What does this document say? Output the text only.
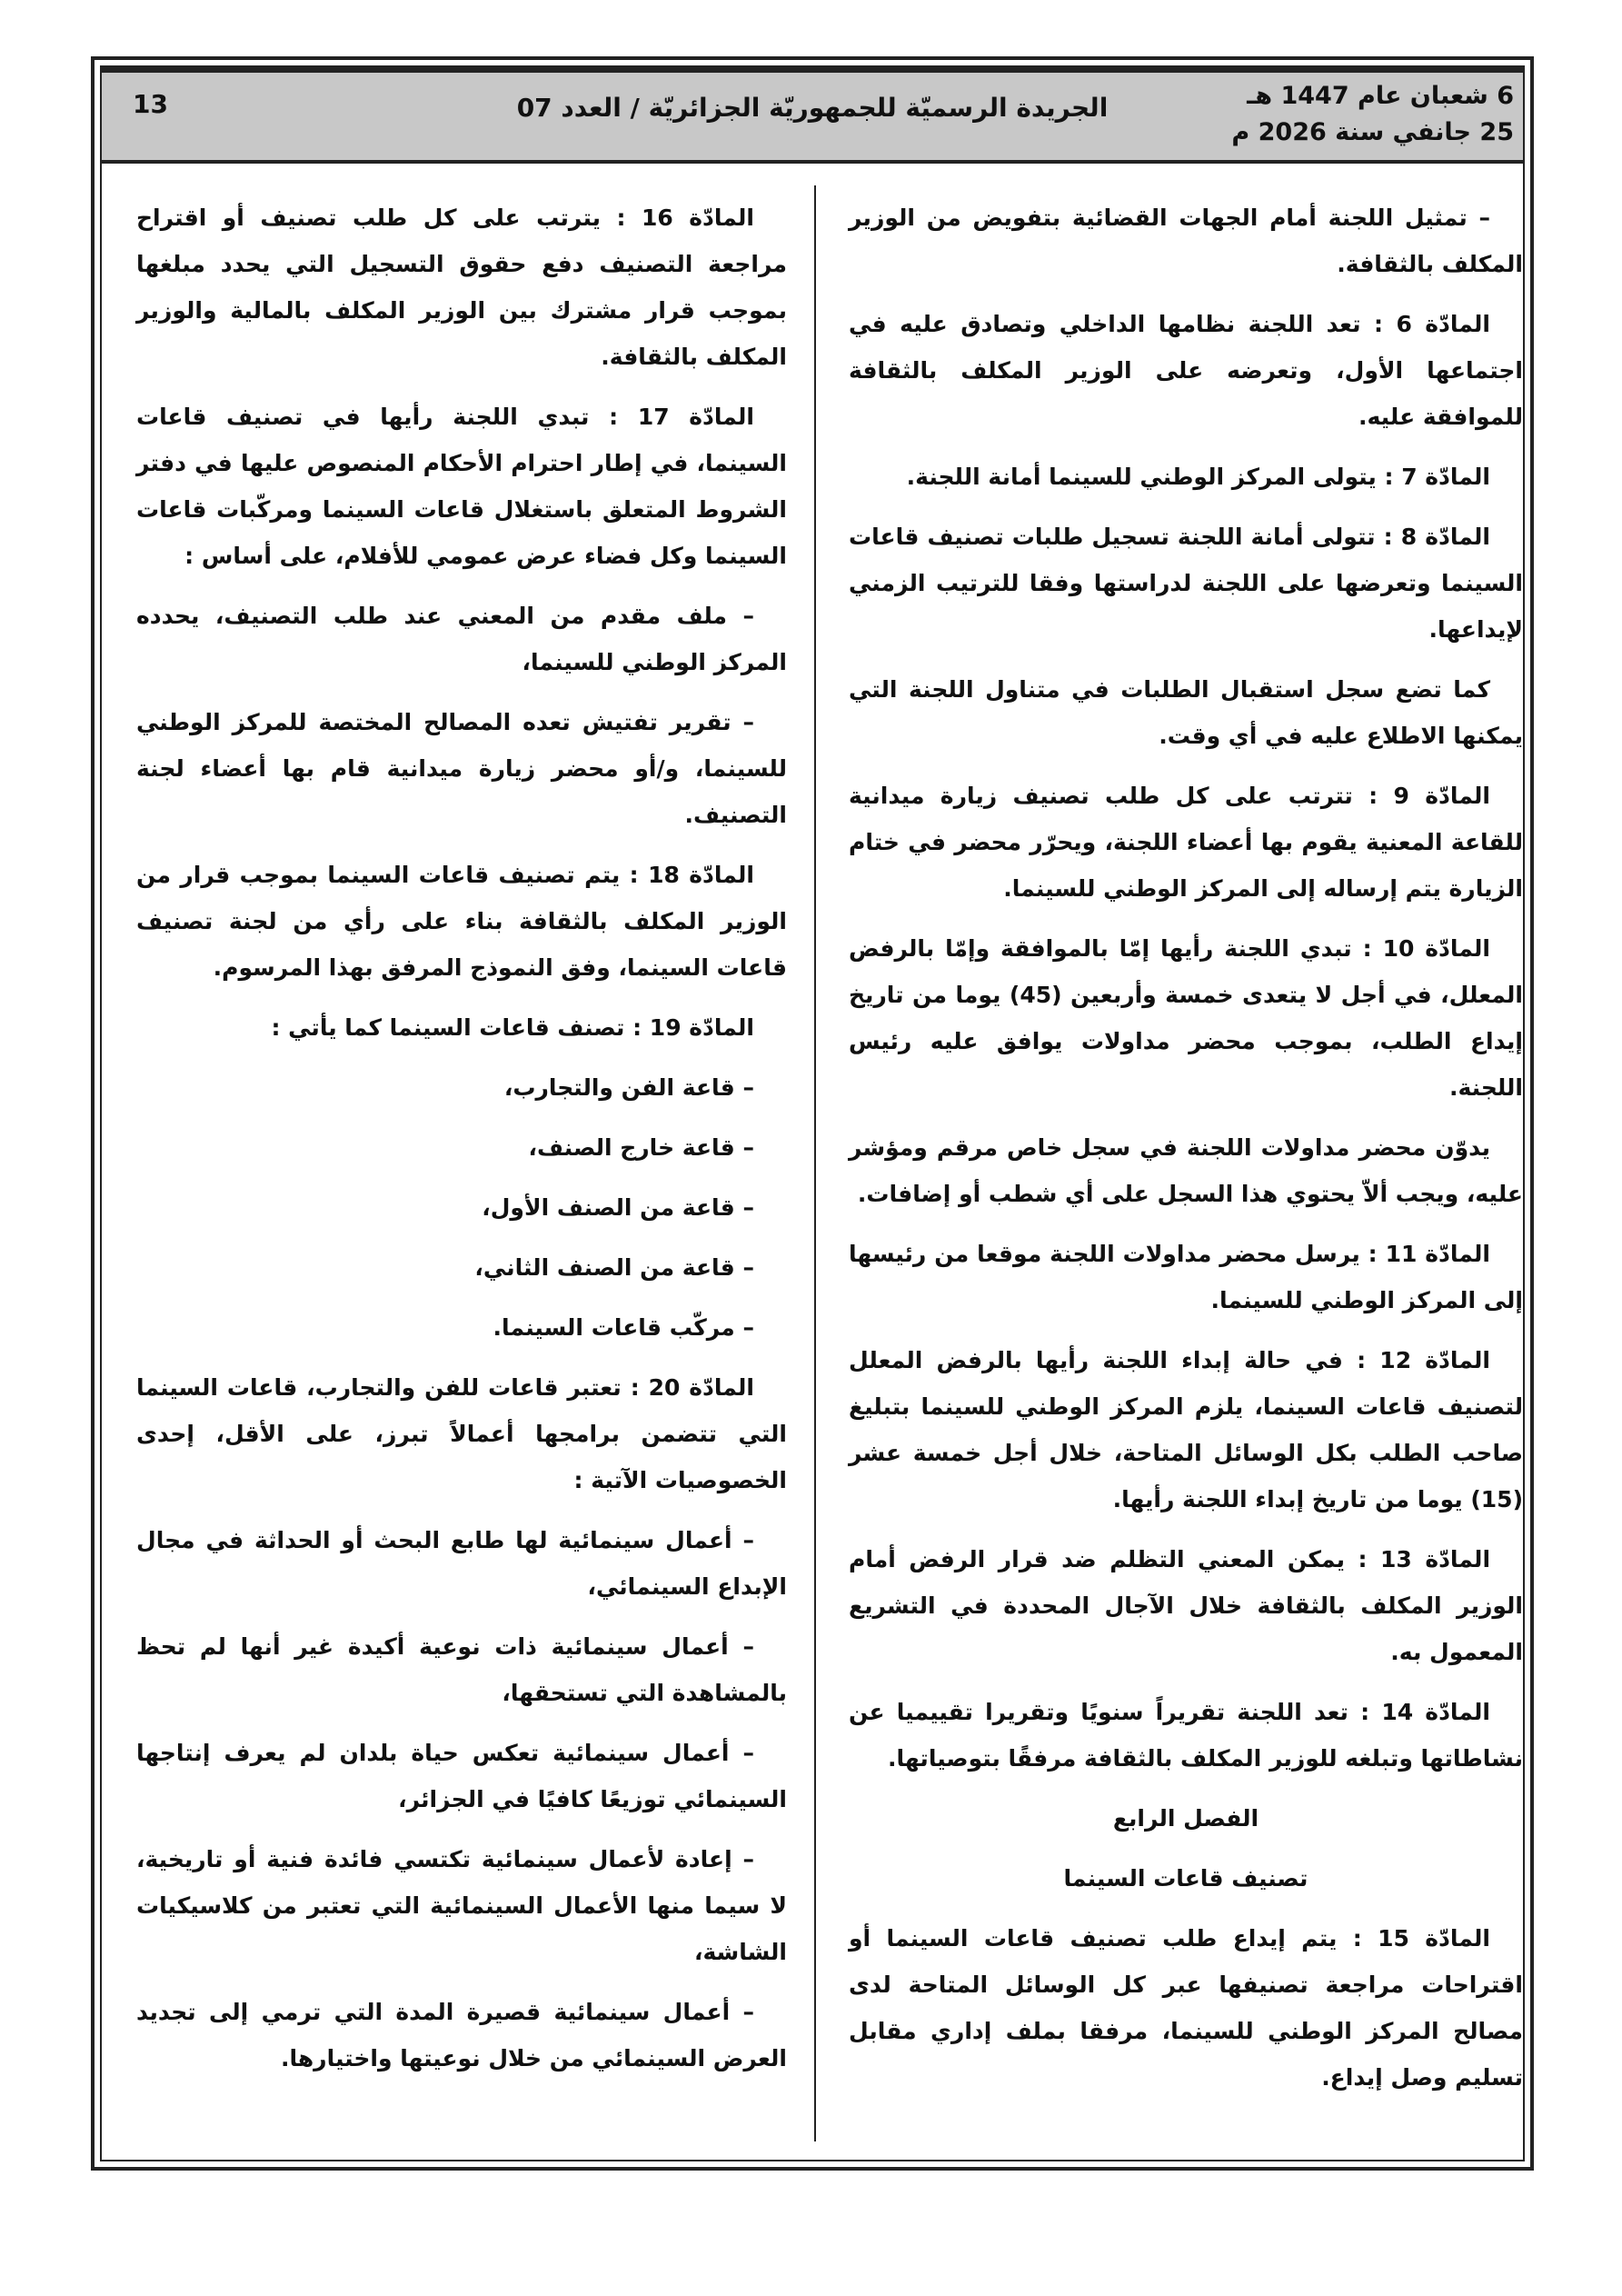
6 شعبان عام 1447 هـ
25 جانفي سنة 2026 م
الجريدة الرسميّة للجمهوريّة الجزائريّة / العدد 07
13

– تمثيل اللجنة أمام الجهات القضائية بتفويض من الوزير المكلف بالثقافة.

المادّة 6 : تعد اللجنة نظامها الداخلي وتصادق عليه في اجتماعها الأول، وتعرضه على الوزير المكلف بالثقافة للموافقة عليه.

المادّة 7 : يتولى المركز الوطني للسينما أمانة اللجنة.

المادّة 8 : تتولى أمانة اللجنة تسجيل طلبات تصنيف قاعات السينما وتعرضها على اللجنة لدراستها وفقا للترتيب الزمني لإيداعها.

كما تضع سجل استقبال الطلبات في متناول اللجنة التي يمكنها الاطلاع عليه في أي وقت.

المادّة 9 : تترتب على كل طلب تصنيف زيارة ميدانية للقاعة المعنية يقوم بها أعضاء اللجنة، ويحرّر محضر في ختام الزيارة يتم إرساله إلى المركز الوطني للسينما.

المادّة 10 : تبدي اللجنة رأيها إمّا بالموافقة وإمّا بالرفض المعلل، في أجل لا يتعدى خمسة وأربعين (45) يوما من تاريخ إيداع الطلب، بموجب محضر مداولات يوافق عليه رئيس اللجنة.

يدوّن محضر مداولات اللجنة في سجل خاص مرقم ومؤشر عليه، ويجب ألاّ يحتوي هذا السجل على أي شطب أو إضافات.

المادّة 11 : يرسل محضر مداولات اللجنة موقعا من رئيسها إلى المركز الوطني للسينما.

المادّة 12 : في حالة إبداء اللجنة رأيها بالرفض المعلل لتصنيف قاعات السينما، يلزم المركز الوطني للسينما بتبليغ صاحب الطلب بكل الوسائل المتاحة، خلال أجل خمسة عشر (15) يوما من تاريخ إبداء اللجنة رأيها.

المادّة 13 : يمكن المعني التظلم ضد قرار الرفض أمام الوزير المكلف بالثقافة خلال الآجال المحددة في التشريع المعمول به.

المادّة 14 : تعد اللجنة تقريراً سنويًا وتقريرا تقييميا عن نشاطاتها وتبلغه للوزير المكلف بالثقافة مرفقًا بتوصياتها.

الفصل الرابع

تصنيف قاعات السينما

المادّة 15 : يتم إيداع طلب تصنيف قاعات السينما أو اقتراحات مراجعة تصنيفها عبر كل الوسائل المتاحة لدى مصالح المركز الوطني للسينما، مرفقا بملف إداري مقابل تسليم وصل إيداع.

المادّة 16 : يترتب على كل طلب تصنيف أو اقتراح مراجعة التصنيف دفع حقوق التسجيل التي يحدد مبلغها بموجب قرار مشترك بين الوزير المكلف بالمالية والوزير المكلف بالثقافة.

المادّة 17 : تبدي اللجنة رأيها في تصنيف قاعات السينما، في إطار احترام الأحكام المنصوص عليها في دفتر الشروط المتعلق باستغلال قاعات السينما ومركّبات قاعات السينما وكل فضاء عرض عمومي للأفلام، على أساس :

– ملف مقدم من المعني عند طلب التصنيف، يحدده المركز الوطني للسينما،

– تقرير تفتيش تعده المصالح المختصة للمركز الوطني للسينما، و/أو محضر زيارة ميدانية قام بها أعضاء لجنة التصنيف.

المادّة 18 : يتم تصنيف قاعات السينما بموجب قرار من الوزير المكلف بالثقافة بناء على رأي من لجنة تصنيف قاعات السينما، وفق النموذج المرفق بهذا المرسوم.

المادّة 19 : تصنف قاعات السينما كما يأتي :

– قاعة الفن والتجارب،

– قاعة خارج الصنف،

– قاعة من الصنف الأول،

– قاعة من الصنف الثاني،

– مركّب قاعات السينما.

المادّة 20 : تعتبر قاعات للفن والتجارب، قاعات السينما التي تتضمن برامجها أعمالاً تبرز، على الأقل، إحدى الخصوصيات الآتية :

– أعمال سينمائية لها طابع البحث أو الحداثة في مجال الإبداع السينمائي،

– أعمال سينمائية ذات نوعية أكيدة غير أنها لم تحظ بالمشاهدة التي تستحقها،

– أعمال سينمائية تعكس حياة بلدان لم يعرف إنتاجها السينمائي توزيعًا كافيًا في الجزائر،

– إعادة لأعمال سينمائية تكتسي فائدة فنية أو تاريخية، لا سيما منها الأعمال السينمائية التي تعتبر من كلاسيكيات الشاشة،

– أعمال سينمائية قصيرة المدة التي ترمي إلى تجديد العرض السينمائي من خلال نوعيتها واختيارها.
